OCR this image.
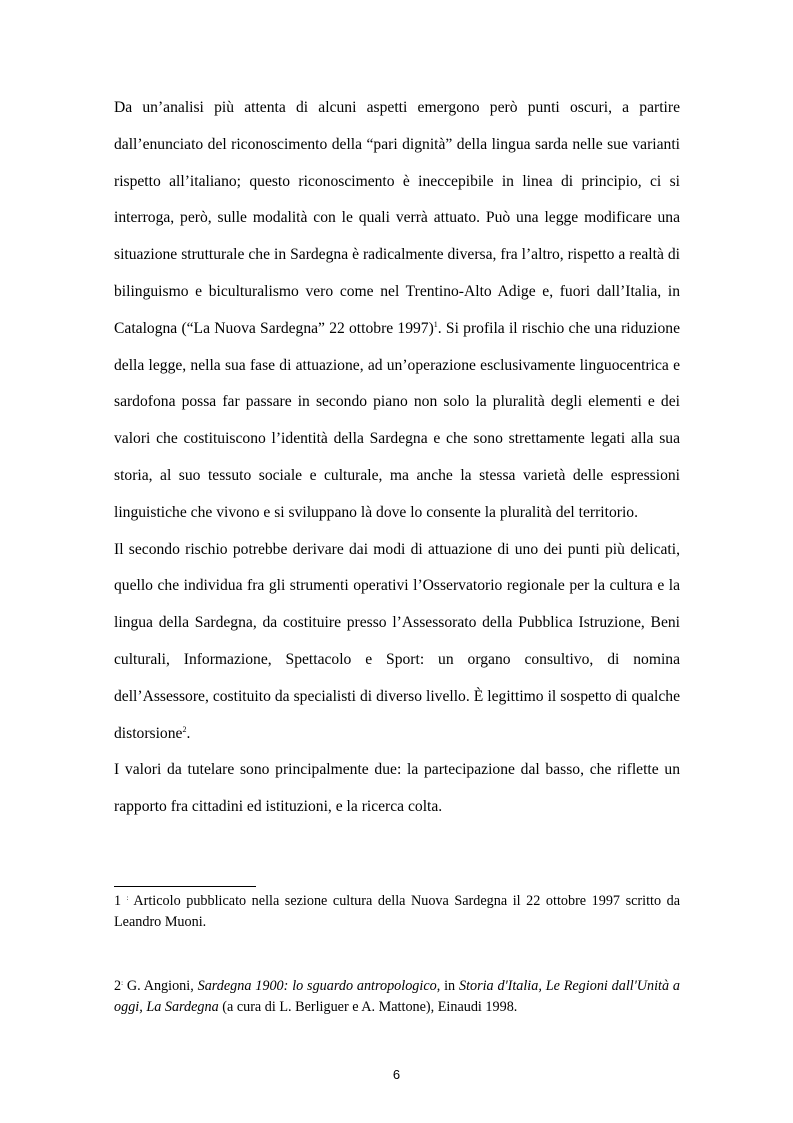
Da un’analisi più attenta di alcuni aspetti emergono però punti oscuri, a partire dall’enunciato del riconoscimento della “pari dignità” della lingua sarda nelle sue varianti rispetto all’italiano; questo riconoscimento è ineccepibile in linea di principio, ci si interroga, però, sulle modalità con le quali verrà attuato. Può una legge modificare una situazione strutturale che in Sardegna è radicalmente diversa, fra l’altro, rispetto a realtà di bilinguismo e biculturalismo vero come nel Trentino-Alto Adige e, fuori dall’Italia, in Catalogna (“La Nuova Sardegna” 22 ottobre 1997)$^1$. Si profila il rischio che una riduzione della legge, nella sua fase di attuazione, ad un’operazione esclusivamente linguocentrica e sardofona possa far passare in secondo piano non solo la pluralità degli elementi e dei valori che costituiscono l’identità della Sardegna e che sono strettamente legati alla sua storia, al suo tessuto sociale e culturale, ma anche la stessa varietà delle espressioni linguistiche che vivono e si sviluppano là dove lo consente la pluralità del territorio.

Il secondo rischio potrebbe derivare dai modi di attuazione di uno dei punti più delicati, quello che individua fra gli strumenti operativi l’Osservatorio regionale per la cultura e la lingua della Sardegna, da costituire presso l’Assessorato della Pubblica Istruzione, Beni culturali, Informazione, Spettacolo e Sport: un organo consultivo, di nomina dell’Assessore, costituito da specialisti di diverso livello. È legittimo il sospetto di qualche distorsione$^2$.

I valori da tutelare sono principalmente due: la partecipazione dal basso, che riflette un rapporto fra cittadini ed istituzioni, e la ricerca colta.

1 : Articolo pubblicato nella sezione cultura della Nuova Sardegna il 22 ottobre 1997 scritto da Leandro Muoni.

2: G. Angioni, Sardegna 1900: lo sguardo antropologico, in Storia d'Italia, Le Regioni dall'Unità a oggi, La Sardegna (a cura di L. Berliguer e A. Mattone), Einaudi 1998.

6
